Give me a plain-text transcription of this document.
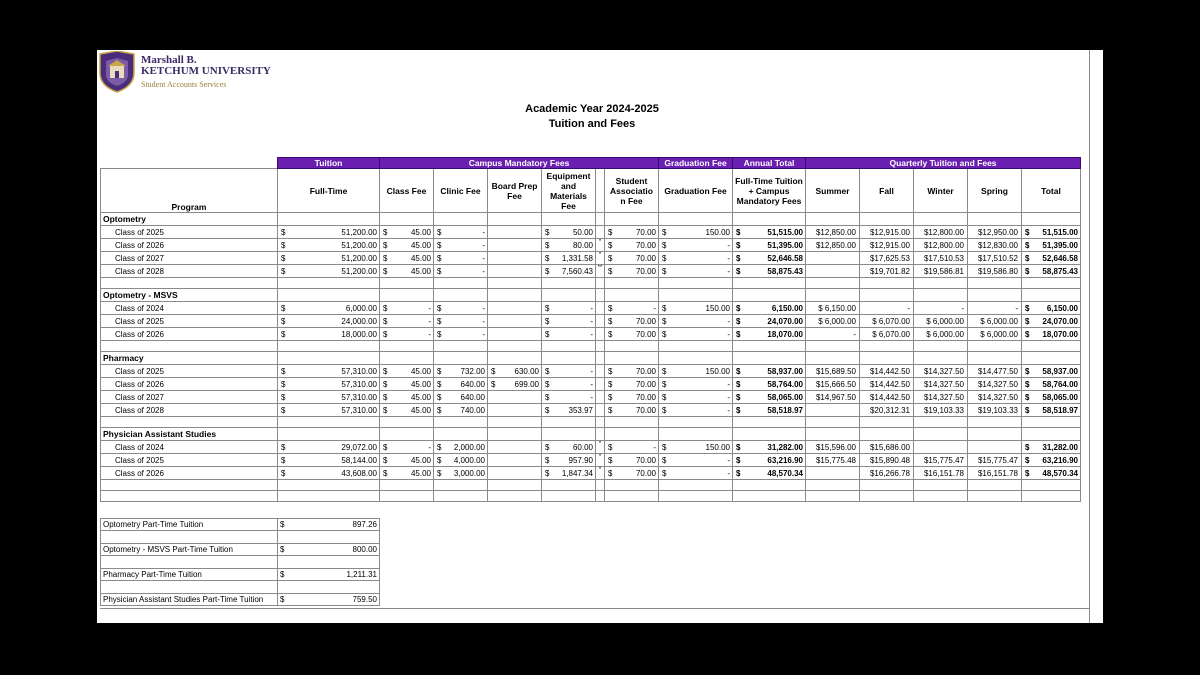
Marshall B.
KETCHUM UNIVERSITY
Student Accounts Services
Academic Year 2024-2025
Tuition and Fees
	Tuition	Campus Mandatory Fees						Graduation Fee	Annual Total	Quarterly Tuition and Fees				
Program	Full-Time	Class Fee	Clinic Fee	Board Prep Fee	Equipment and Materials Fee		Student Associatio n Fee	Graduation Fee	Full-Time Tuition + Campus Mandatory Fees	Summer	Fall	Winter	Spring	Total
Optometry														
Class of 2025	$ 51,200.00	$ 45.00	$ -		$ 50.00		$ 70.00	$ 150.00	$ 51,515.00	$12,850.00	$12,915.00	$12,800.00	$12,950.00	$ 51,515.00

Class of 2026	$ 51,200.00	$ 45.00	$ -		$ 80.00	*	$ 70.00	$ -	$ 51,395.00	$12,850.00	$12,915.00	$12,800.00	$12,830.00	$ 51,395.00

Class of 2027	$ 51,200.00	$ 45.00	$ -		$ 1,331.58	*	$ 70.00	$ -	$ 52,646.58		$17,625.53	$17,510.53	$17,510.52	$ 52,646.58

Class of 2028	$ 51,200.00	$ 45.00	$ -		$ 7,560.43	**	$ 70.00	$ -	$ 58,875.43		$19,701.82	$19,586.81	$19,586.80	$ 58,875.43

Optometry - MSVS														
Class of 2024	$ 6,000.00	$ -	$ -		$ -		$ -	$ 150.00	$ 6,150.00	$ 6,150.00	-	-	-	$ 6,150.00

Class of 2025	$ 24,000.00	$ -	$ -		$ -		$ 70.00	$ -	$ 24,070.00	$ 6,000.00	$ 6,070.00	$ 6,000.00	$ 6,000.00	$ 24,070.00

Class of 2026	$ 18,000.00	$ -	$ -		$ -		$ 70.00	$ -	$ 18,070.00	-	$ 6,070.00	$ 6,000.00	$ 6,000.00	$ 18,070.00

Pharmacy														
Class of 2025	$ 57,310.00	$ 45.00	$ 732.00	$ 630.00	$ -		$ 70.00	$ 150.00	$ 58,937.00	$15,689.50	$14,442.50	$14,327.50	$14,477.50	$ 58,937.00

Class of 2026	$ 57,310.00	$ 45.00	$ 640.00	$ 699.00	$ -		$ 70.00	$ -	$ 58,764.00	$15,666.50	$14,442.50	$14,327.50	$14,327.50	$ 58,764.00

Class of 2027	$ 57,310.00	$ 45.00	$ 640.00		$ -		$ 70.00	$ -	$ 58,065.00	$14,967.50	$14,442.50	$14,327.50	$14,327.50	$ 58,065.00

Class of 2028	$ 57,310.00	$ 45.00	$ 740.00		$ 353.97		$ 70.00	$ -	$ 58,518.97		$20,312.31	$19,103.33	$19,103.33	$ 58,518.97

Physician Assistant Studies														
Class of 2024	$ 29,072.00	$ -	$ 2,000.00		$ 60.00	*	$ -	$ 150.00	$ 31,282.00	$15,596.00	$15,686.00			$ 31,282.00

Class of 2025	$ 58,144.00	$ 45.00	$ 4,000.00		$ 957.90	*	$ 70.00	$ -	$ 63,216.90	$15,775.48	$15,890.48	$15,775.47	$15,775.47	$ 63,216.90

Class of 2026	$ 43,608.00	$ 45.00	$ 3,000.00		$ 1,847.34	*	$ 70.00	$ -	$ 48,570.34		$16,266.78	$16,151.78	$16,151.78	$ 48,570.34

Optometry Part-Time Tuition	$ 897.26

Optometry - MSVS Part-Time Tuition	$ 800.00

Pharmacy Part-Time Tuition	$ 1,211.31

Physician Assistant Studies Part-Time Tuition	$ 759.50
